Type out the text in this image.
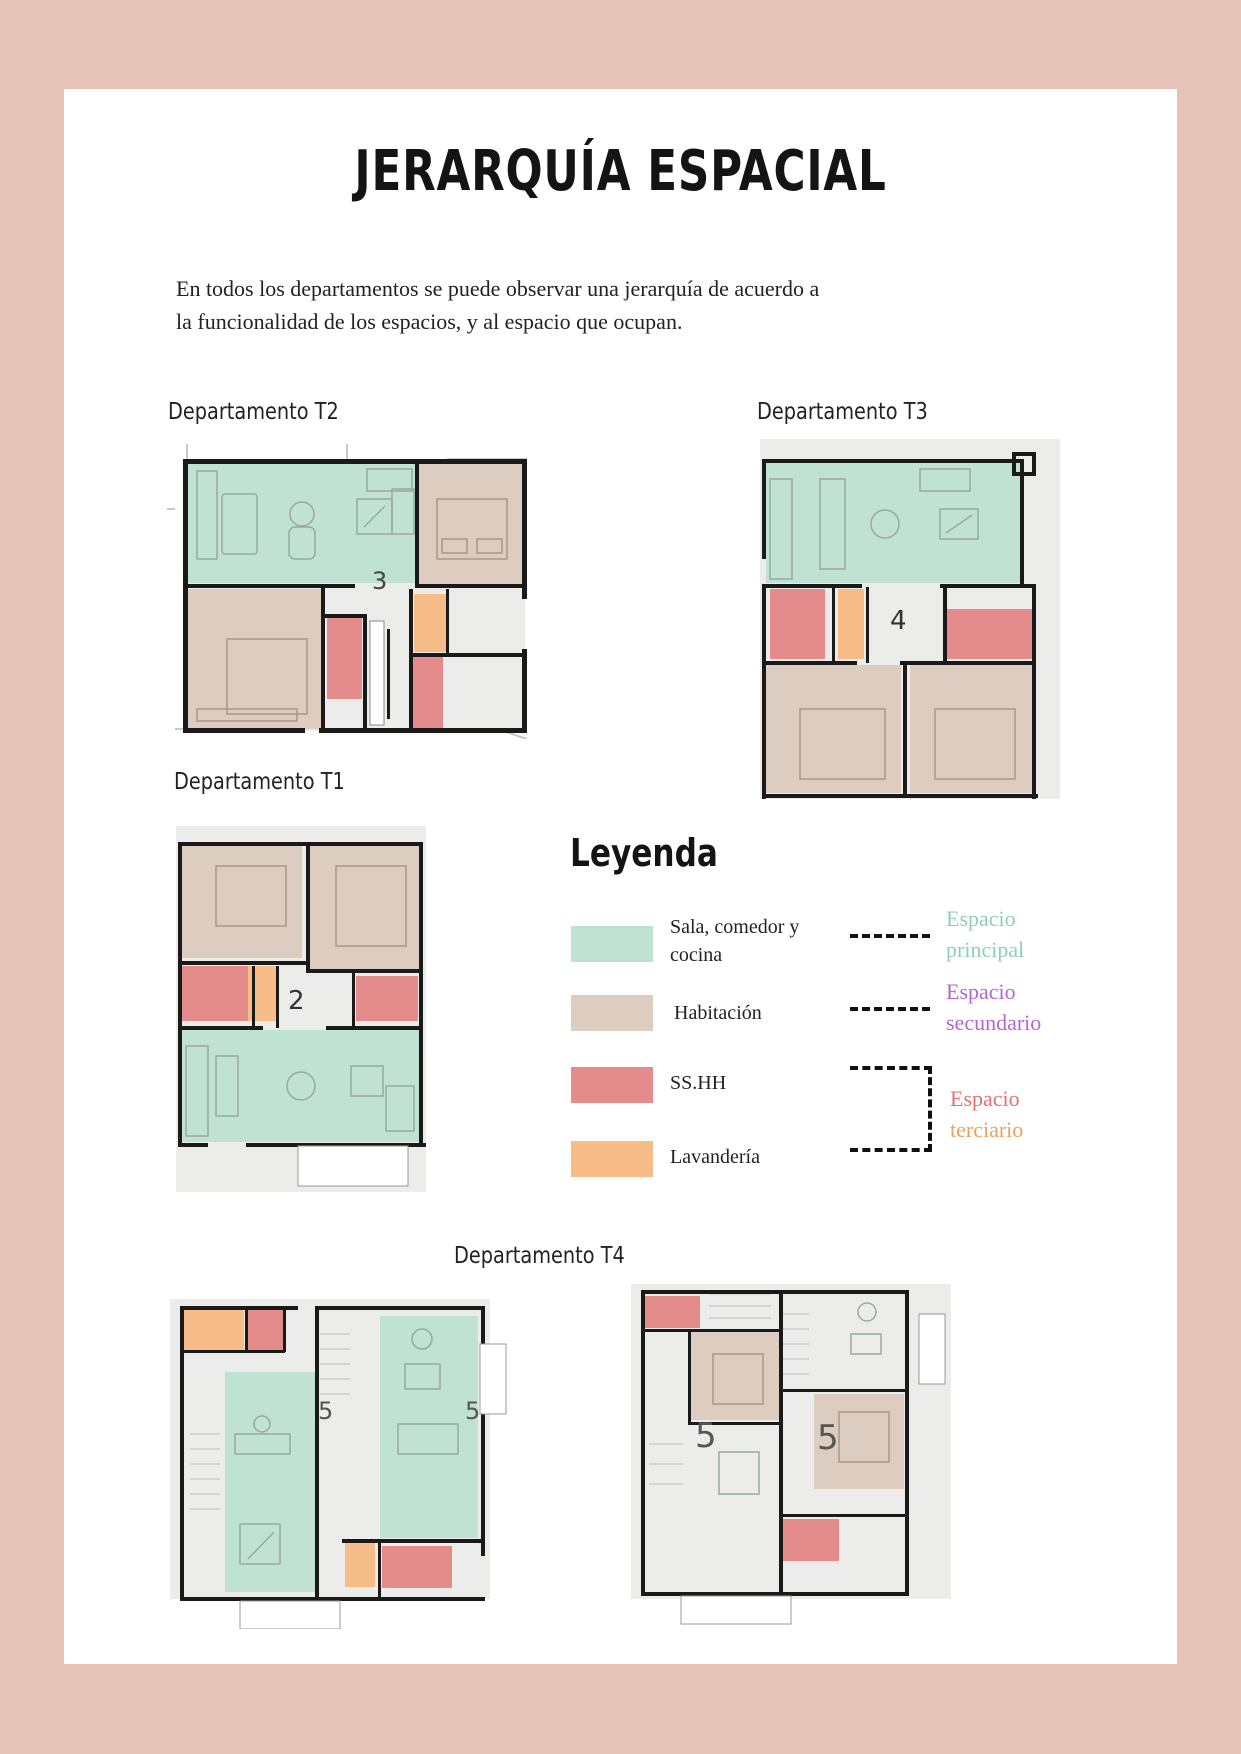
JERARQUÍA ESPACIAL
En todos los departamentos se puede observar una jerarquía de acuerdo a
la funcionalidad de los espacios, y al espacio que ocupan.
Departamento T2
3
Departamento T3
4
Departamento T1
2
Leyenda
Sala, comedor y
cocina
Habitación
SS.HH
Lavandería
Espacio
principal
Espacio
secundario
Espacio
terciario
Departamento T4
5	5
5	5
